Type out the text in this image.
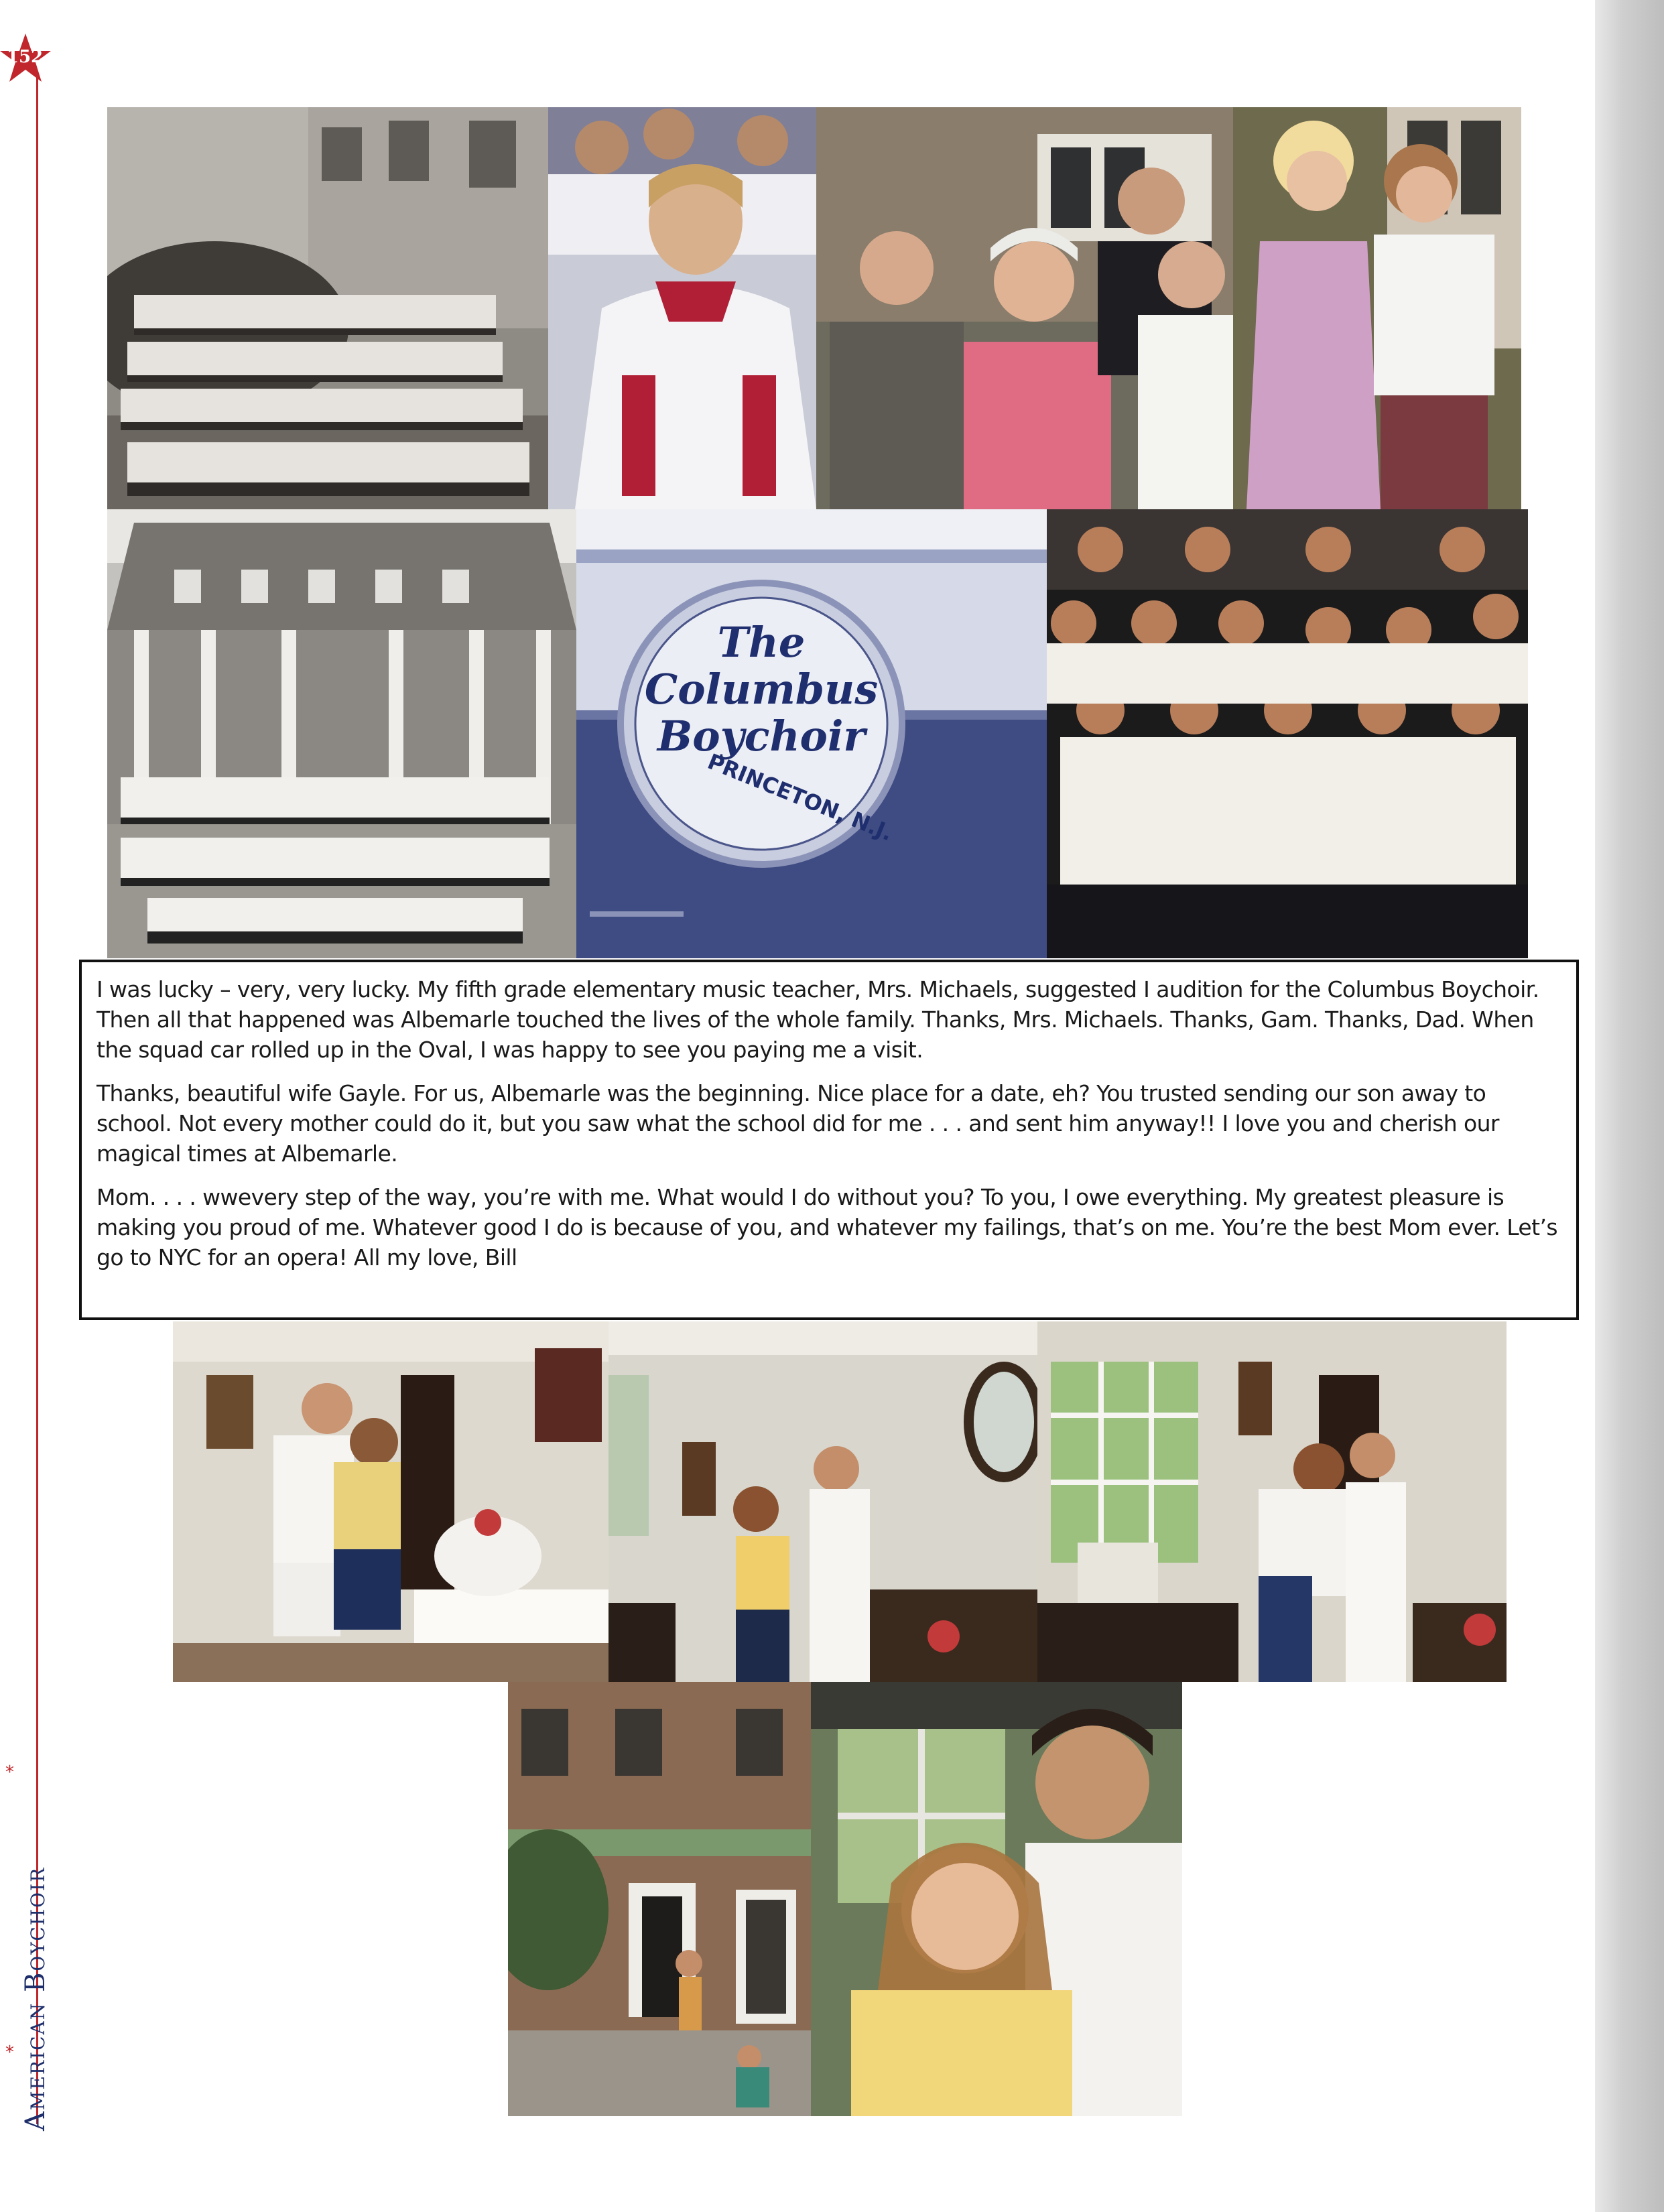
152
American Boychoir
*
*
The
Columbus
Boychoir
PRINCETON, N.J.

I was lucky – very, very lucky. My fifth grade elementary music teacher, Mrs. Michaels, suggested I audition for the Columbus Boychoir. Then all that happened was Albemarle touched the lives of the whole family. Thanks, Mrs. Michaels. Thanks, Gam. Thanks, Dad. When the squad car rolled up in the Oval, I was happy to see you paying me a visit.

Thanks, beautiful wife Gayle. For us, Albemarle was the beginning. Nice place for a date, eh? You trusted sending our son away to school. Not every mother could do it, but you saw what the school did for me . . . and sent him anyway!! I love you and cherish our magical times at Albemarle.

Mom. . . . wwevery step of the way, you’re with me. What would I do without you? To you, I owe everything. My greatest pleasure is making you proud of me. Whatever good I do is because of you, and whatever my failings, that’s on me. You’re the best Mom ever. Let’s go to NYC for an opera! All my love, Bill
